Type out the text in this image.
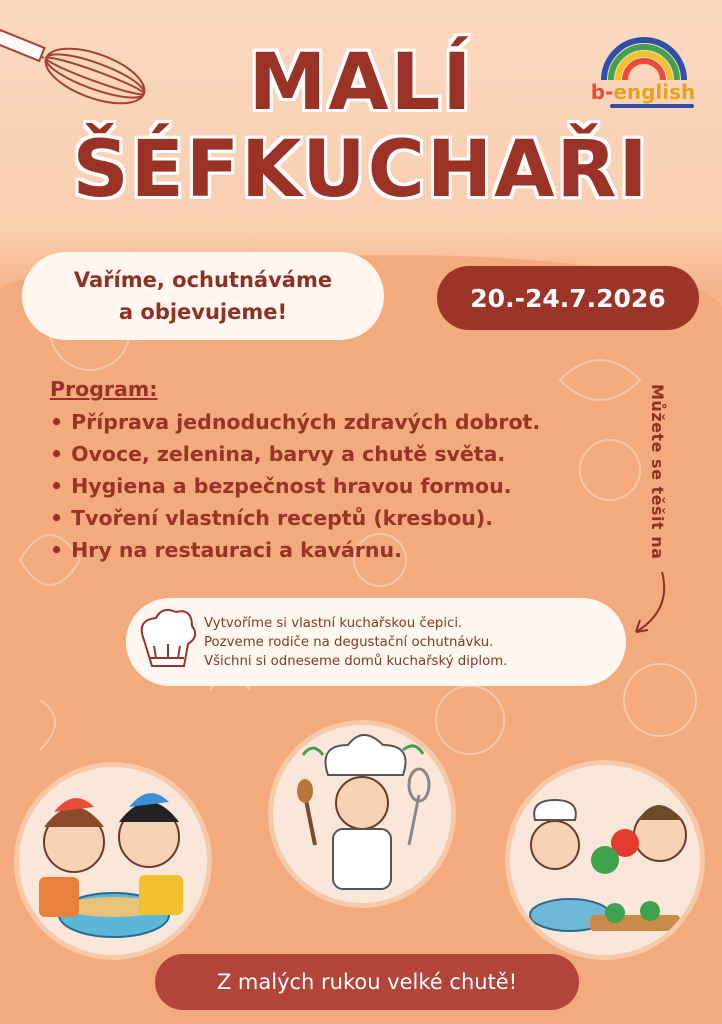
MALÍ
ŠÉFKUCHAŘI
b-english
Vaříme, ochutnáváme
a objevujeme!	20.-24.7.2026
Program:
• Příprava jednoduchých zdravých dobrot.
• Ovoce, zelenina, barvy a chutě světa.
• Hygiena a bezpečnost hravou formou.
• Tvoření vlastních receptů (kresbou).
• Hry na restauraci a kavárnu.	Můžete se těšit na
Vytvoříme si vlastní kuchařskou čepici.
Pozveme rodiče na degustační ochutnávku.
Všichni si odneseme domů kuchařský diplom.
Z malých rukou velké chutě!
